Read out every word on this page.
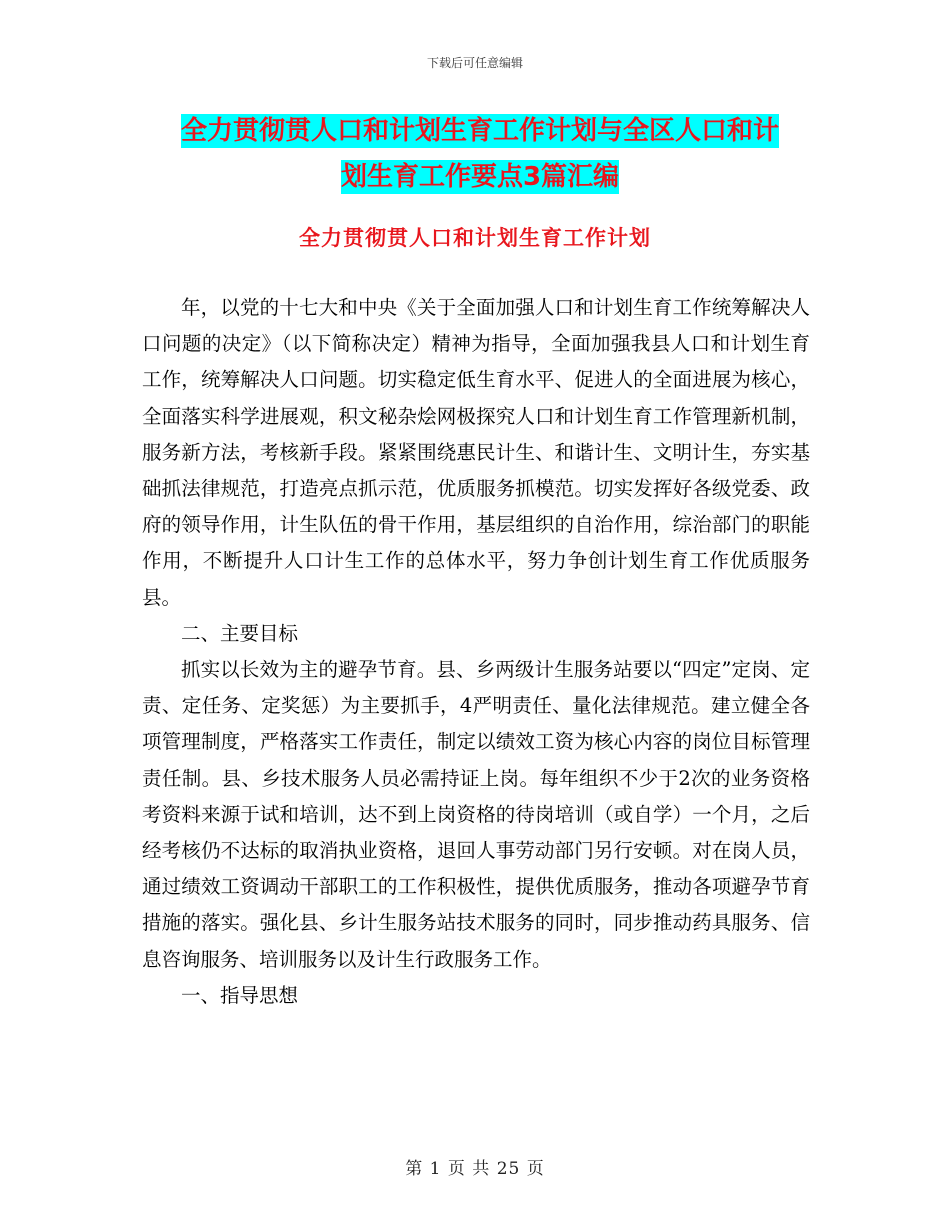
下载后可任意编辑
全力贯彻贯人口和计划生育工作计划与全区人口和计
划生育工作要点3篇汇编
全力贯彻贯人口和计划生育工作计划

年，以党的十七大和中央《关于全面加强人口和计划生育工作统筹解决人口问题的决定》（以下简称决定）精神为指导，全面加强我县人口和计划生育工作，统筹解决人口问题。切实稳定低生育水平、促进人的全面进展为核心，全面落实科学进展观，积文秘杂烩网极探究人口和计划生育工作管理新机制，服务新方法，考核新手段。紧紧围绕惠民计生、和谐计生、文明计生，夯实基础抓法律规范，打造亮点抓示范，优质服务抓模范。切实发挥好各级党委、政府的领导作用，计生队伍的骨干作用，基层组织的自治作用，综治部门的职能作用，不断提升人口计生工作的总体水平，努力争创计划生育工作优质服务县。

二、主要目标

抓实以长效为主的避孕节育。县、乡两级计生服务站要以“四定”定岗、定责、定任务、定奖惩）为主要抓手，4严明责任、量化法律规范。建立健全各项管理制度，严格落实工作责任，制定以绩效工资为核心内容的岗位目标管理责任制。县、乡技术服务人员必需持证上岗。每年组织不少于2次的业务资格考资料来源于试和培训，达不到上岗资格的待岗培训（或自学）一个月，之后经考核仍不达标的取消执业资格，退回人事劳动部门另行安顿。对在岗人员，通过绩效工资调动干部职工的工作积极性，提供优质服务，推动各项避孕节育措施的落实。强化县、乡计生服务站技术服务的同时，同步推动药具服务、信息咨询服务、培训服务以及计生行政服务工作。

一、指导思想

第 1 页 共 25 页
